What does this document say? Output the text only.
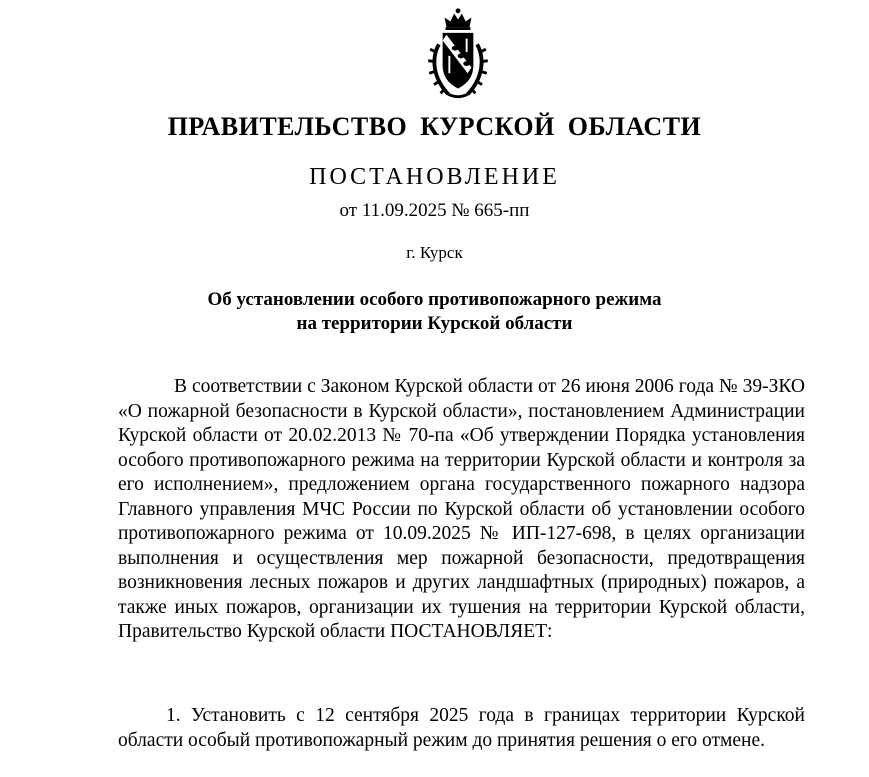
ПРАВИТЕЛЬСТВО КУРСКОЙ ОБЛАСТИ
ПОСТАНОВЛЕНИЕ
от 11.09.2025 № 665-пп
г. Курск
Об установлении особого противопожарного режима
на территории Курской области

В соответствии с Законом Курской области от 26 июня 2006 года № 39-ЗКО «О пожарной безопасности в Курской области», постановлением Администрации Курской области от 20.02.2013 № 70-па «Об утверждении Порядка установления особого противопожарного режима на территории Курской области и контроля за его исполнением», предложением органа государственного пожарного надзора Главного управления МЧС России по Курской области об установлении особого противопожарного режима от 10.09.2025 № ИП-127-698, в целях организации выполнения и осуществления мер пожарной безопасности, предотвращения возникновения лесных пожаров и других ландшафтных (природных) пожаров, а также иных пожаров, организации их тушения на территории Курской области, Правительство Курской области ПОСТАНОВЛЯЕТ:

1. Установить с 12 сентября 2025 года в границах территории Курской области особый противопожарный режим до принятия решения о его отмене.
